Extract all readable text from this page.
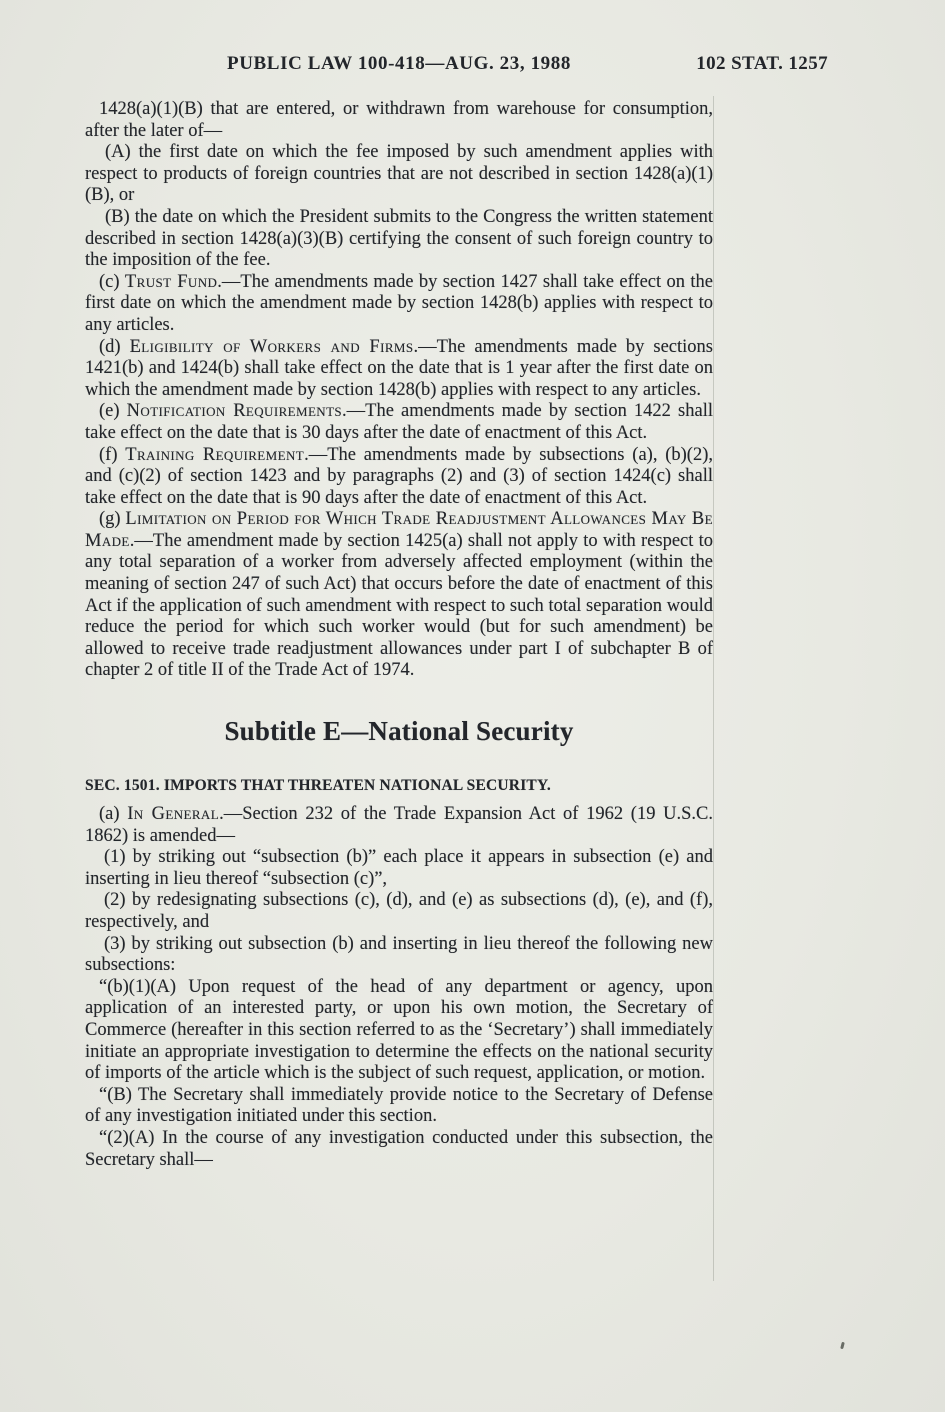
PUBLIC LAW 100-418—AUG. 23, 1988	102 STAT. 1257

1428(a)(1)(B) that are entered, or withdrawn from warehouse for consumption, after the later of—

(A) the first date on which the fee imposed by such amendment applies with respect to products of foreign countries that are not described in section 1428(a)(1)(B), or

(B) the date on which the President submits to the Congress the written statement described in section 1428(a)(3)(B) certifying the consent of such foreign country to the imposition of the fee.

(c) Trust Fund.—The amendments made by section 1427 shall take effect on the first date on which the amendment made by section 1428(b) applies with respect to any articles.

(d) Eligibility of Workers and Firms.—The amendments made by sections 1421(b) and 1424(b) shall take effect on the date that is 1 year after the first date on which the amendment made by section 1428(b) applies with respect to any articles.

(e) Notification Requirements.—The amendments made by section 1422 shall take effect on the date that is 30 days after the date of enactment of this Act.

(f) Training Requirement.—The amendments made by subsections (a), (b)(2), and (c)(2) of section 1423 and by paragraphs (2) and (3) of section 1424(c) shall take effect on the date that is 90 days after the date of enactment of this Act.

(g) Limitation on Period for Which Trade Readjustment Allowances May Be Made.—The amendment made by section 1425(a) shall not apply to with respect to any total separation of a worker from adversely affected employment (within the meaning of section 247 of such Act) that occurs before the date of enactment of this Act if the application of such amendment with respect to such total separation would reduce the period for which such worker would (but for such amendment) be allowed to receive trade readjustment allowances under part I of subchapter B of chapter 2 of title II of the Trade Act of 1974.

Subtitle E—National Security
SEC. 1501. IMPORTS THAT THREATEN NATIONAL SECURITY.

(a) In General.—Section 232 of the Trade Expansion Act of 1962 (19 U.S.C. 1862) is amended—

(1) by striking out “subsection (b)” each place it appears in subsection (e) and inserting in lieu thereof “subsection (c)”,

(2) by redesignating subsections (c), (d), and (e) as subsections (d), (e), and (f), respectively, and

(3) by striking out subsection (b) and inserting in lieu thereof the following new subsections:

“(b)(1)(A) Upon request of the head of any department or agency, upon application of an interested party, or upon his own motion, the Secretary of Commerce (hereafter in this section referred to as the ‘Secretary’) shall immediately initiate an appropriate investigation to determine the effects on the national security of imports of the article which is the subject of such request, application, or motion.

“(B) The Secretary shall immediately provide notice to the Secretary of Defense of any investigation initiated under this section.

“(2)(A) In the course of any investigation conducted under this subsection, the Secretary shall—
